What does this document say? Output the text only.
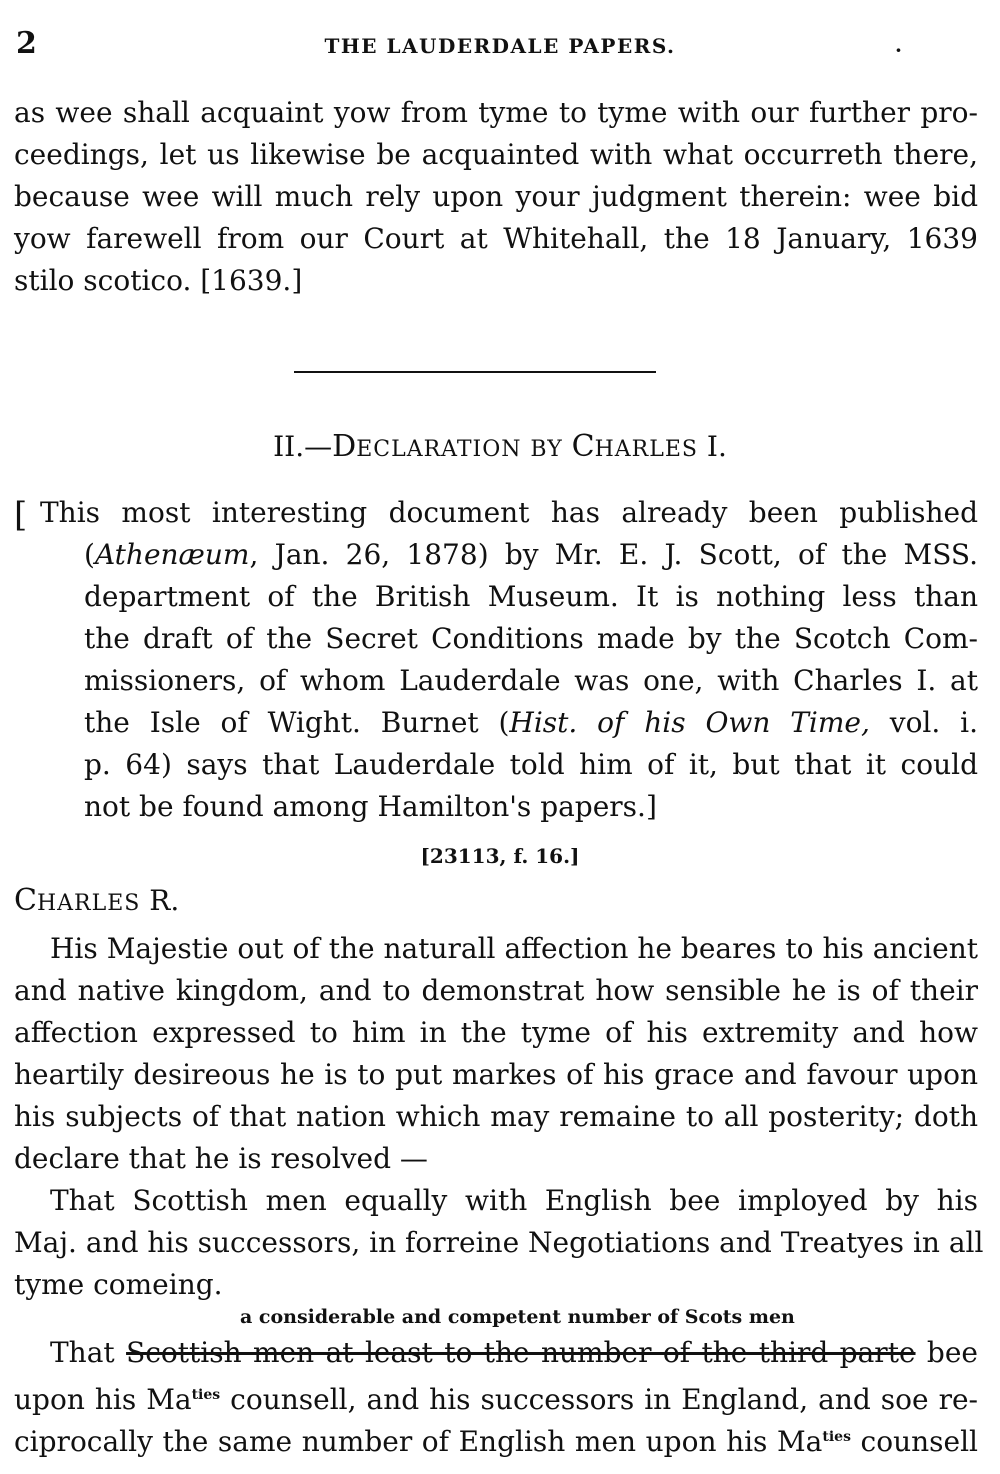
2	THE LAUDERDALE PAPERS.	·
as wee shall acquaint yow from tyme to tyme with our further pro-
ceedings, let us likewise be acquainted with what occurreth there,
because wee will much rely upon your judgment therein: wee bid
yow farewell from our Court at Whitehall, the 18 January, 1639
stilo scotico. [1639.]
II.—DECLARATION BY CHARLES I.
[ This most interesting document has already been published
(Athenæum, Jan. 26, 1878) by Mr. E. J. Scott, of the MSS.
department of the British Museum. It is nothing less than
the draft of the Secret Conditions made by the Scotch Com-
missioners, of whom Lauderdale was one, with Charles I. at
the Isle of Wight. Burnet (Hist. of his Own Time, vol. i.
p. 64) says that Lauderdale told him of it, but that it could
not be found among Hamilton's papers.]
[23113, f. 16.]
CHARLES R.
His Majestie out of the naturall affection he beares to his ancient
and native kingdom, and to demonstrat how sensible he is of their
affection expressed to him in the tyme of his extremity and how
heartily desireous he is to put markes of his grace and favour upon
his subjects of that nation which may remaine to all posterity; doth
declare that he is resolved —
That Scottish men equally with English bee imployed by his
Maj. and his successors, in forreine Negotiations and Treatyes in all
tyme comeing.
a considerable and competent number of Scots men
That Scottish men at least to the number of the third parte bee
upon his $Ma^{ties}$ counsell, and his successors in England, and soe re-
ciprocally the same number of English men upon his $Ma^{ties}$ counsell
